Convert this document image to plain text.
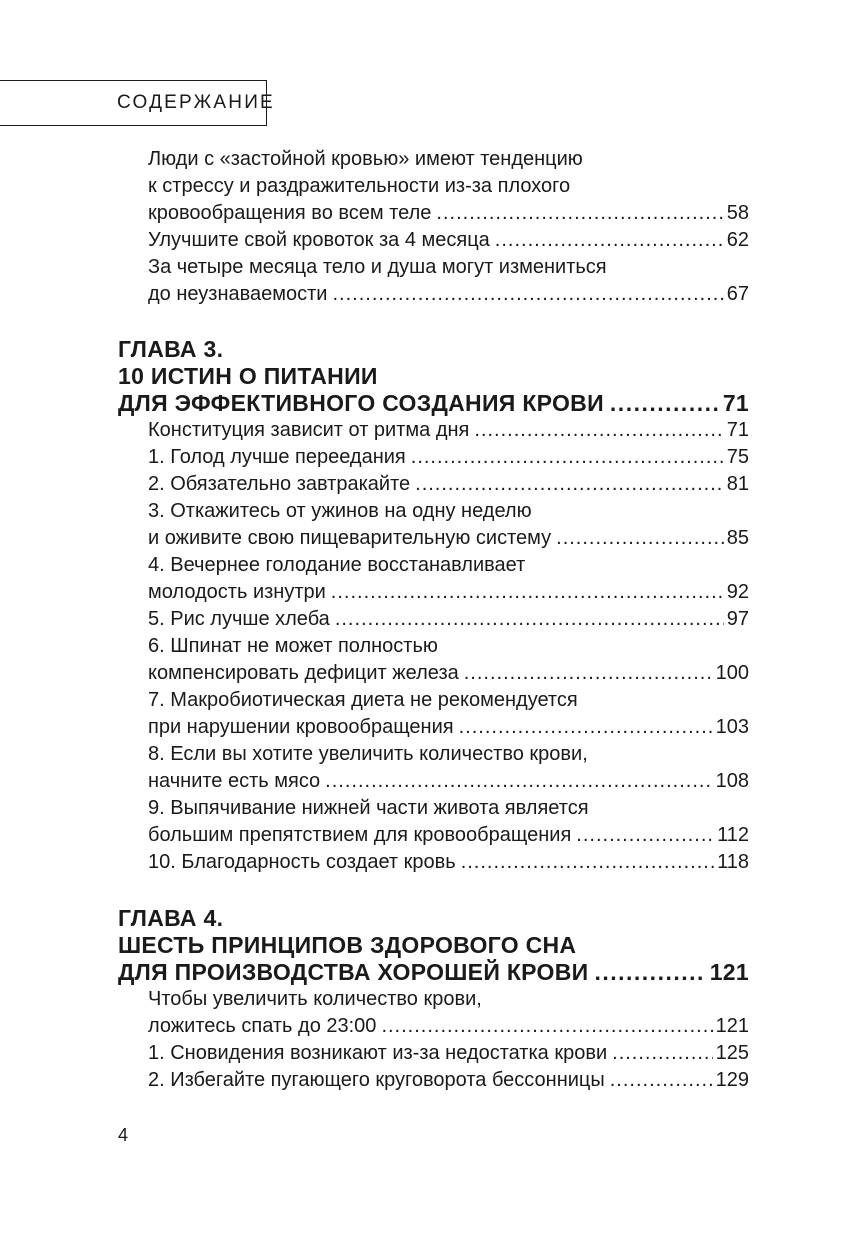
СОДЕРЖАНИЕ
Люди с «застойной кровью» имеют тенденцию
к стрессу и раздражительности из-за плохого
кровообращения во всем теле .....	58
Улучшите свой кровоток за 4 месяца .....	62
За четыре месяца тело и душа могут измениться
до неузнаваемости .....	67
ГЛАВА 3.
10 ИСТИН О ПИТАНИИ
ДЛЯ ЭФФЕКТИВНОГО СОЗДАНИЯ КРОВИ .....	71
Конституция зависит от ритма дня .....	71
1. Голод лучше переедания .....	75
2. Обязательно завтракайте .....	81
3. Откажитесь от ужинов на одну неделю
и оживите свою пищеварительную систему .....	85
4. Вечернее голодание восстанавливает
молодость изнутри .....	92
5. Рис лучше хлеба .....	97
6. Шпинат не может полностью
компенсировать дефицит железа .....	100
7. Макробиотическая диета не рекомендуется
при нарушении кровообращения .....	103
8. Если вы хотите увеличить количество крови,
начните есть мясо .....	108
9. Выпячивание нижней части живота является
большим препятствием для кровообращения .....	112
10. Благодарность создает кровь .....	118
ГЛАВА 4.
ШЕСТЬ ПРИНЦИПОВ ЗДОРОВОГО СНА
ДЛЯ ПРОИЗВОДСТВА ХОРОШЕЙ КРОВИ .....	121
Чтобы увеличить количество крови,
ложитесь спать до 23:00 .....	121
1. Сновидения возникают из-за недостатка крови .....	125
2. Избегайте пугающего круговорота бессонницы .....	129
4
